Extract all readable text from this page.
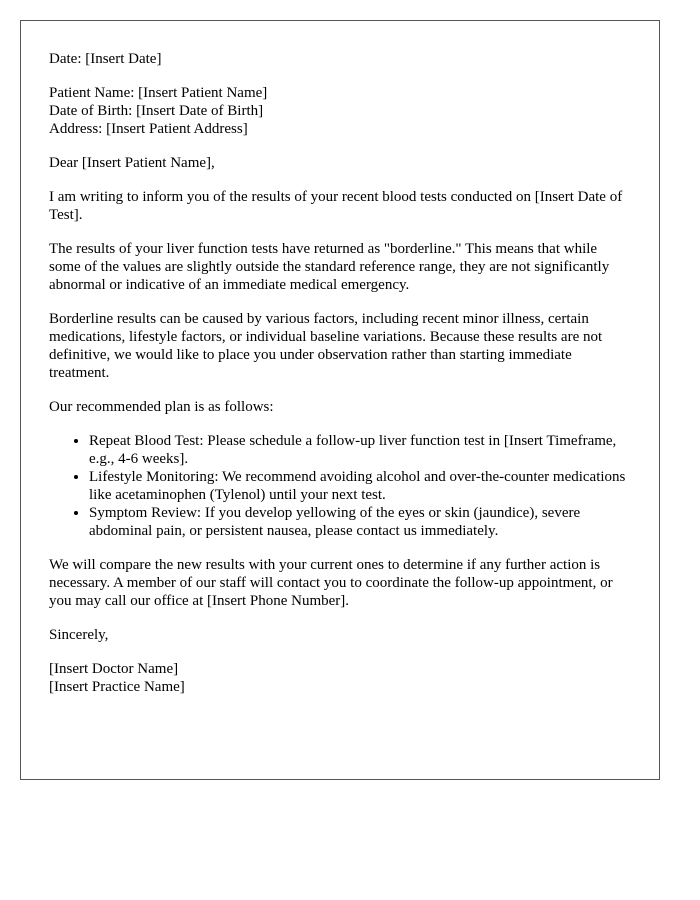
Date: [Insert Date]

Patient Name: [Insert Patient Name]
Date of Birth: [Insert Date of Birth]
Address: [Insert Patient Address]

Dear [Insert Patient Name],

I am writing to inform you of the results of your recent blood tests conducted on [Insert Date of Test].

The results of your liver function tests have returned as "borderline." This means that while some of the values are slightly outside the standard reference range, they are not significantly abnormal or indicative of an immediate medical emergency.

Borderline results can be caused by various factors, including recent minor illness, certain medications, lifestyle factors, or individual baseline variations. Because these results are not definitive, we would like to place you under observation rather than starting immediate treatment.

Our recommended plan is as follows:

• Repeat Blood Test: Please schedule a follow-up liver function test in [Insert Timeframe, e.g., 4-6 weeks].
• Lifestyle Monitoring: We recommend avoiding alcohol and over-the-counter medications like acetaminophen (Tylenol) until your next test.
• Symptom Review: If you develop yellowing of the eyes or skin (jaundice), severe abdominal pain, or persistent nausea, please contact us immediately.

We will compare the new results with your current ones to determine if any further action is necessary. A member of our staff will contact you to coordinate the follow-up appointment, or you may call our office at [Insert Phone Number].

Sincerely,

[Insert Doctor Name]
[Insert Practice Name]
